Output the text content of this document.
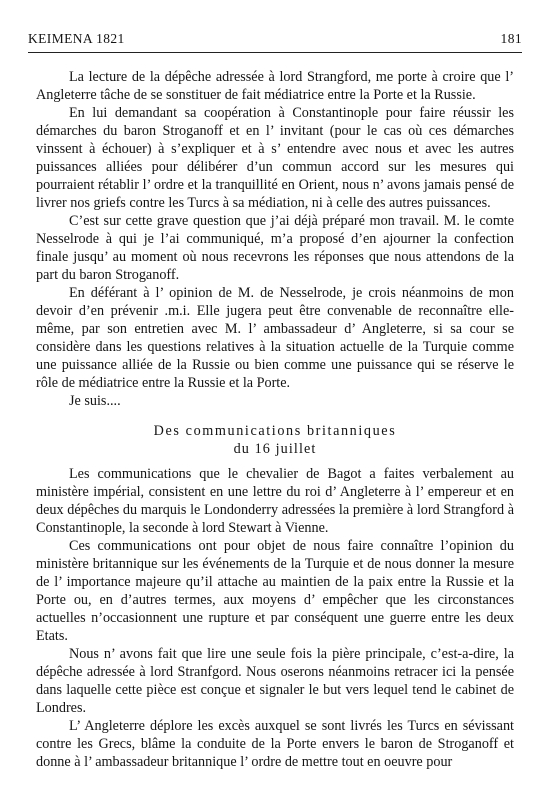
KEIMENA 1821	181

La lecture de la dépêche adressée à lord Strangford, me porte à croire que l’ Angleterre tâche de se sonstituer de fait médiatrice entre la Porte et la Russie.

En lui demandant sa coopération à Constantinople pour faire réussir les démarches du baron Stroganoff et en l’ invitant (pour le cas où ces démarches vinssent à échouer) à s’expliquer et à s’ entendre avec nous et avec les autres puissances alliées pour délibérer d’un commun accord sur les mesures qui pourraient rétablir l’ ordre et la tranquillité en Orient, nous n’ avons jamais pensé de livrer nos griefs contre les Turcs à sa médiation, ni à celle des autres puissances.

C’est sur cette grave question que j’ai déjà préparé mon travail. M. le comte Nesselrode à qui je l’ai communiqué, m’a proposé d’en ajourner la confection finale jusqu’ au moment où nous recevrons les réponses que nous attendons de la part du baron Stroganoff.

En déférant à l’ opinion de M. de Nesselrode, je crois néanmoins de mon devoir d’en prévenir .m.i. Elle jugera peut être convenable de reconnaître elle-même, par son entretien avec M. l’ ambassadeur d’ Angleterre, si sa cour se considère dans les questions relatives à la situation actuelle de la Turquie comme une puissance alliée de la Russie ou bien comme une puissance qui se réserve le rôle de médiatrice entre la Russie et la Porte.

Je suis....

Des communications britanniques
du 16 juillet

Les communications que le chevalier de Bagot a faites verbalement au ministère impérial, consistent en une lettre du roi d’ Angleterre à l’ empereur et en deux dépêches du marquis le Londonderry adressées la première à lord Strangford à Constantinople, la seconde à lord Stewart à Vienne.

Ces communications ont pour objet de nous faire connaître l’opinion du ministère britannique sur les événements de la Turquie et de nous donner la mesure de l’ importance majeure qu’il attache au maintien de la paix entre la Russie et la Porte ou, en d’autres termes, aux moyens d’ empêcher que les circonstances actuelles n’occasionnent une rupture et par conséquent une guerre entre les deux Etats.

Nous n’ avons fait que lire une seule fois la pière principale, c’est-a-dire, la dépêche adressée à lord Stranfgord. Nous oserons néanmoins retracer ici la pensée dans laquelle cette pièce est conçue et signaler le but vers lequel tend le cabinet de Londres.

L’ Angleterre déplore les excès auxquel se sont livrés les Turcs en sévissant contre les Grecs, blâme la conduite de la Porte envers le baron de Stroganoff et donne à l’ ambassadeur britannique l’ ordre de mettre tout en oeuvre pour
